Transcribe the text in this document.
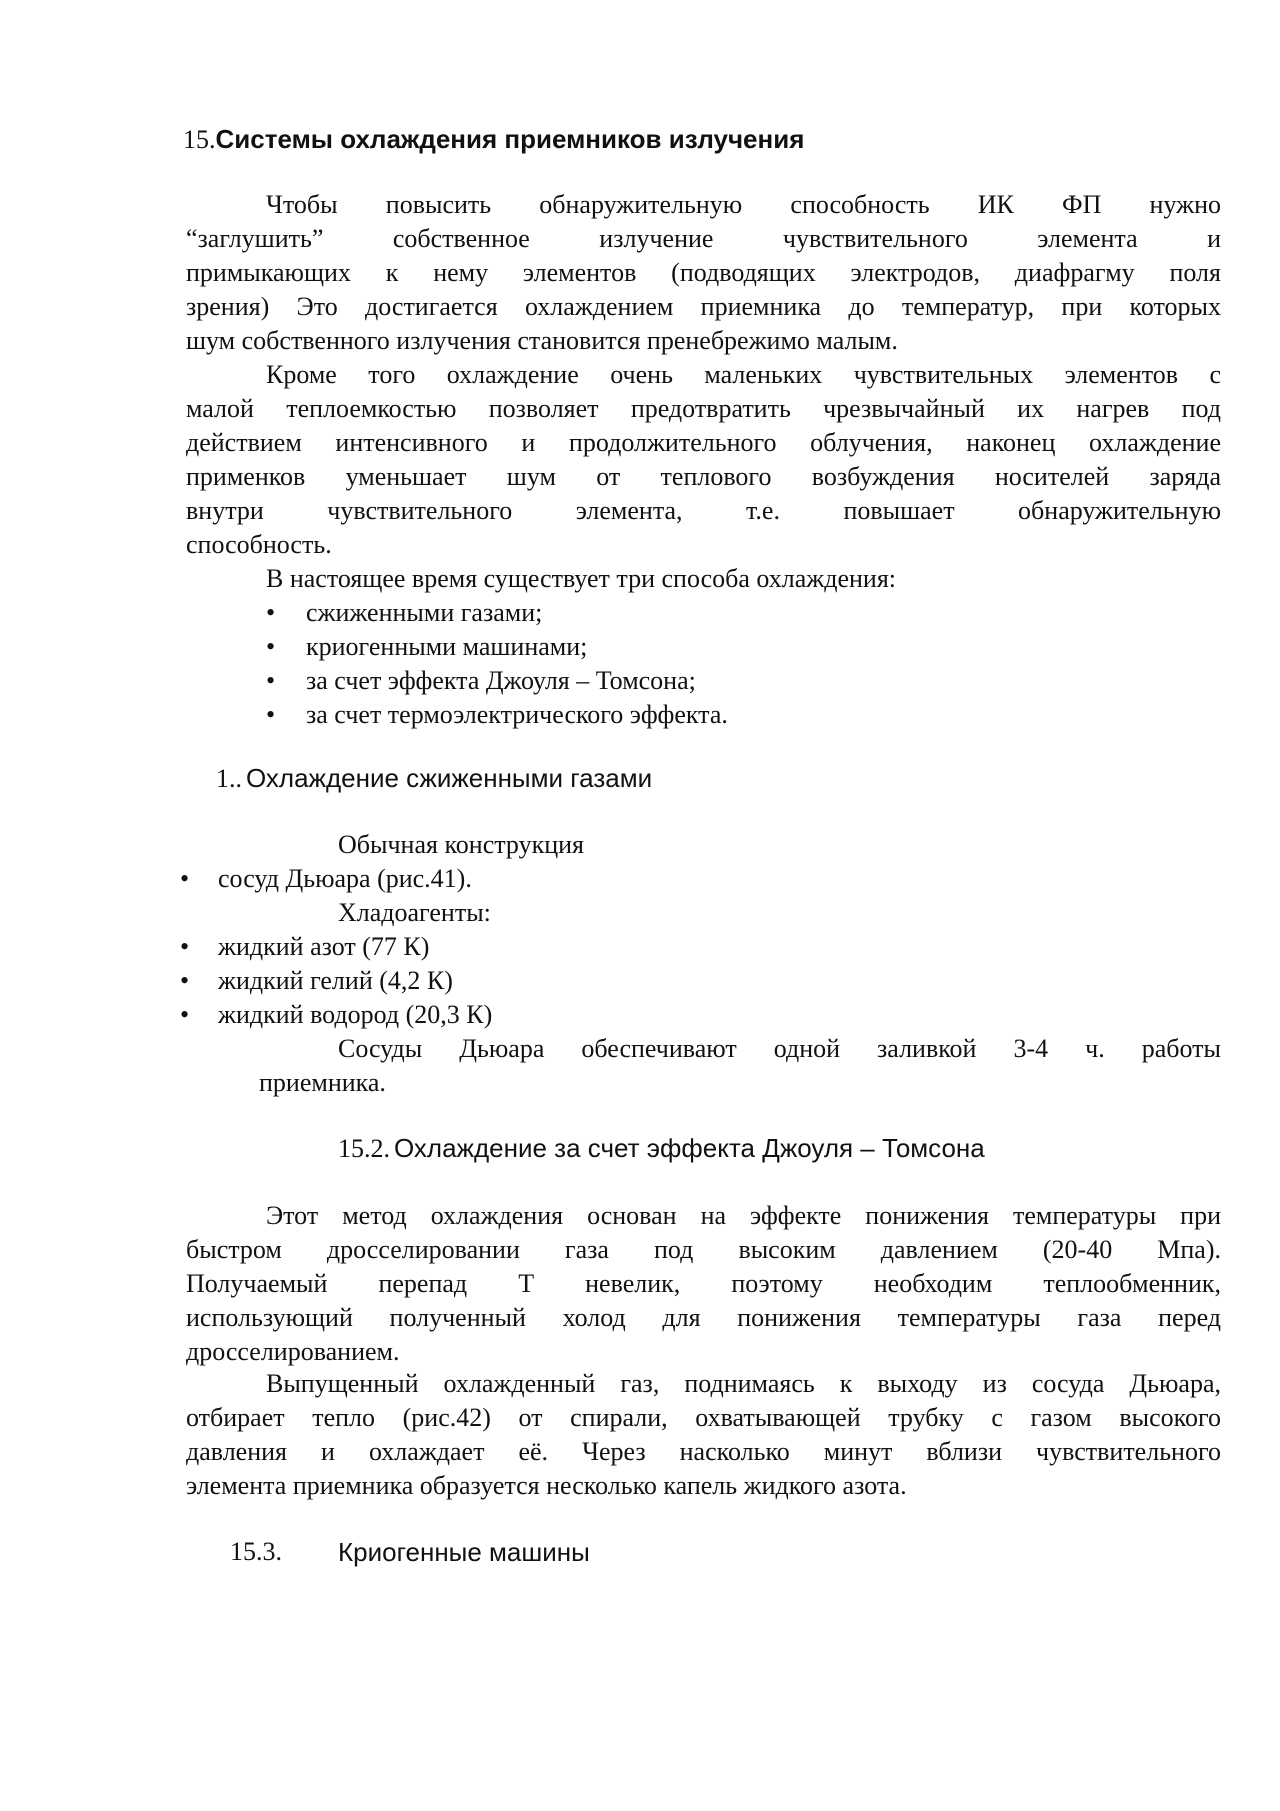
15.Системы охлаждения приемников излучения
Чтобы повысить обнаружительную способность ИК ФП нужно
“заглушить” собственное излучение чувствительного элемента и
примыкающих к нему элементов (подводящих электродов, диафрагму поля
зрения) Это достигается охлаждением приемника до температур, при которых
шум собственного излучения становится пренебрежимо малым.
Кроме того охлаждение очень маленьких чувствительных элементов с
малой теплоемкостью позволяет предотвратить чрезвычайный их нагрев под
действием интенсивного и продолжительного облучения, наконец охлаждение
применков уменьшает шум от теплового возбуждения носителей заряда
внутри чувствительного элемента, т.е. повышает обнаружительную
способность.
В настоящее время существует три способа охлаждения:
• сжиженными газами;
• криогенными машинами;
• за счет эффекта Джоуля – Томсона;
• за счет термоэлектрического эффекта.
1.. Охлаждение сжиженными газами
Обычная конструкция
• сосуд Дьюара (рис.41).
Хладоагенты:
• жидкий азот (77 К)
• жидкий гелий (4,2 К)
• жидкий водород (20,3 К)
Сосуды Дьюара обеспечивают одной заливкой 3-4 ч. работы
приемника.
15.2. Охлаждение за счет эффекта Джоуля – Томсона
Этот метод охлаждения основан на эффекте понижения температуры при
быстром дросселировании газа под высоким давлением (20-40 Мпа).
Получаемый перепад Т невелик, поэтому необходим теплообменник,
использующий полученный холод для понижения температуры газа перед
дросселированием.
Выпущенный охлажденный газ, поднимаясь к выходу из сосуда Дьюара,
отбирает тепло (рис.42) от спирали, охватывающей трубку с газом высокого
давления и охлаждает её. Через насколько минут вблизи чувствительного
элемента приемника образуется несколько капель жидкого азота.
15.3. Криогенные машины
